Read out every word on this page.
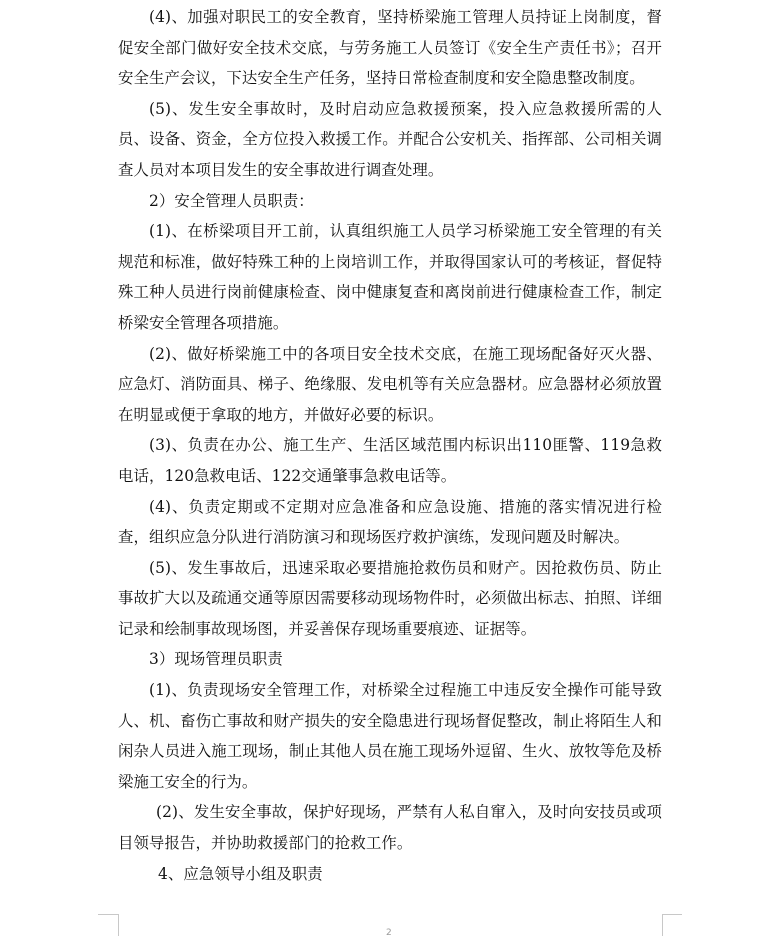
(4)、加强对职民工的安全教育，坚持桥梁施工管理人员持证上岗制度，督促安全部门做好安全技术交底，与劳务施工人员签订《安全生产责任书》；召开安全生产会议，下达安全生产任务，坚持日常检查制度和安全隐患整改制度。

(5)、发生安全事故时，及时启动应急救援预案，投入应急救援所需的人员、设备、资金，全方位投入救援工作。并配合公安机关、指挥部、公司相关调查人员对本项目发生的安全事故进行调查处理。

2）安全管理人员职责：

(1)、在桥梁项目开工前，认真组织施工人员学习桥梁施工安全管理的有关规范和标准，做好特殊工种的上岗培训工作，并取得国家认可的考核证，督促特殊工种人员进行岗前健康检查、岗中健康复查和离岗前进行健康检查工作，制定桥梁安全管理各项措施。

(2)、做好桥梁施工中的各项目安全技术交底，在施工现场配备好灭火器、应急灯、消防面具、梯子、绝缘服、发电机等有关应急器材。应急器材必须放置在明显或便于拿取的地方，并做好必要的标识。

(3)、负责在办公、施工生产、生活区域范围内标识出110匪警、119急救电话，120急救电话、122交通肇事急救电话等。

(4)、负责定期或不定期对应急准备和应急设施、措施的落实情况进行检查，组织应急分队进行消防演习和现场医疗救护演练，发现问题及时解决。

(5)、发生事故后，迅速采取必要措施抢救伤员和财产。因抢救伤员、防止事故扩大以及疏通交通等原因需要移动现场物件时，必须做出标志、拍照、详细记录和绘制事故现场图，并妥善保存现场重要痕迹、证据等。

3）现场管理员职责

(1)、负责现场安全管理工作，对桥梁全过程施工中违反安全操作可能导致人、机、畜伤亡事故和财产损失的安全隐患进行现场督促整改，制止将陌生人和闲杂人员进入施工现场，制止其他人员在施工现场外逗留、生火、放牧等危及桥梁施工安全的行为。

(2)、发生安全事故，保护好现场，严禁有人私自窜入，及时向安技员或项目领导报告，并协助救援部门的抢救工作。

4、应急领导小组及职责

2
